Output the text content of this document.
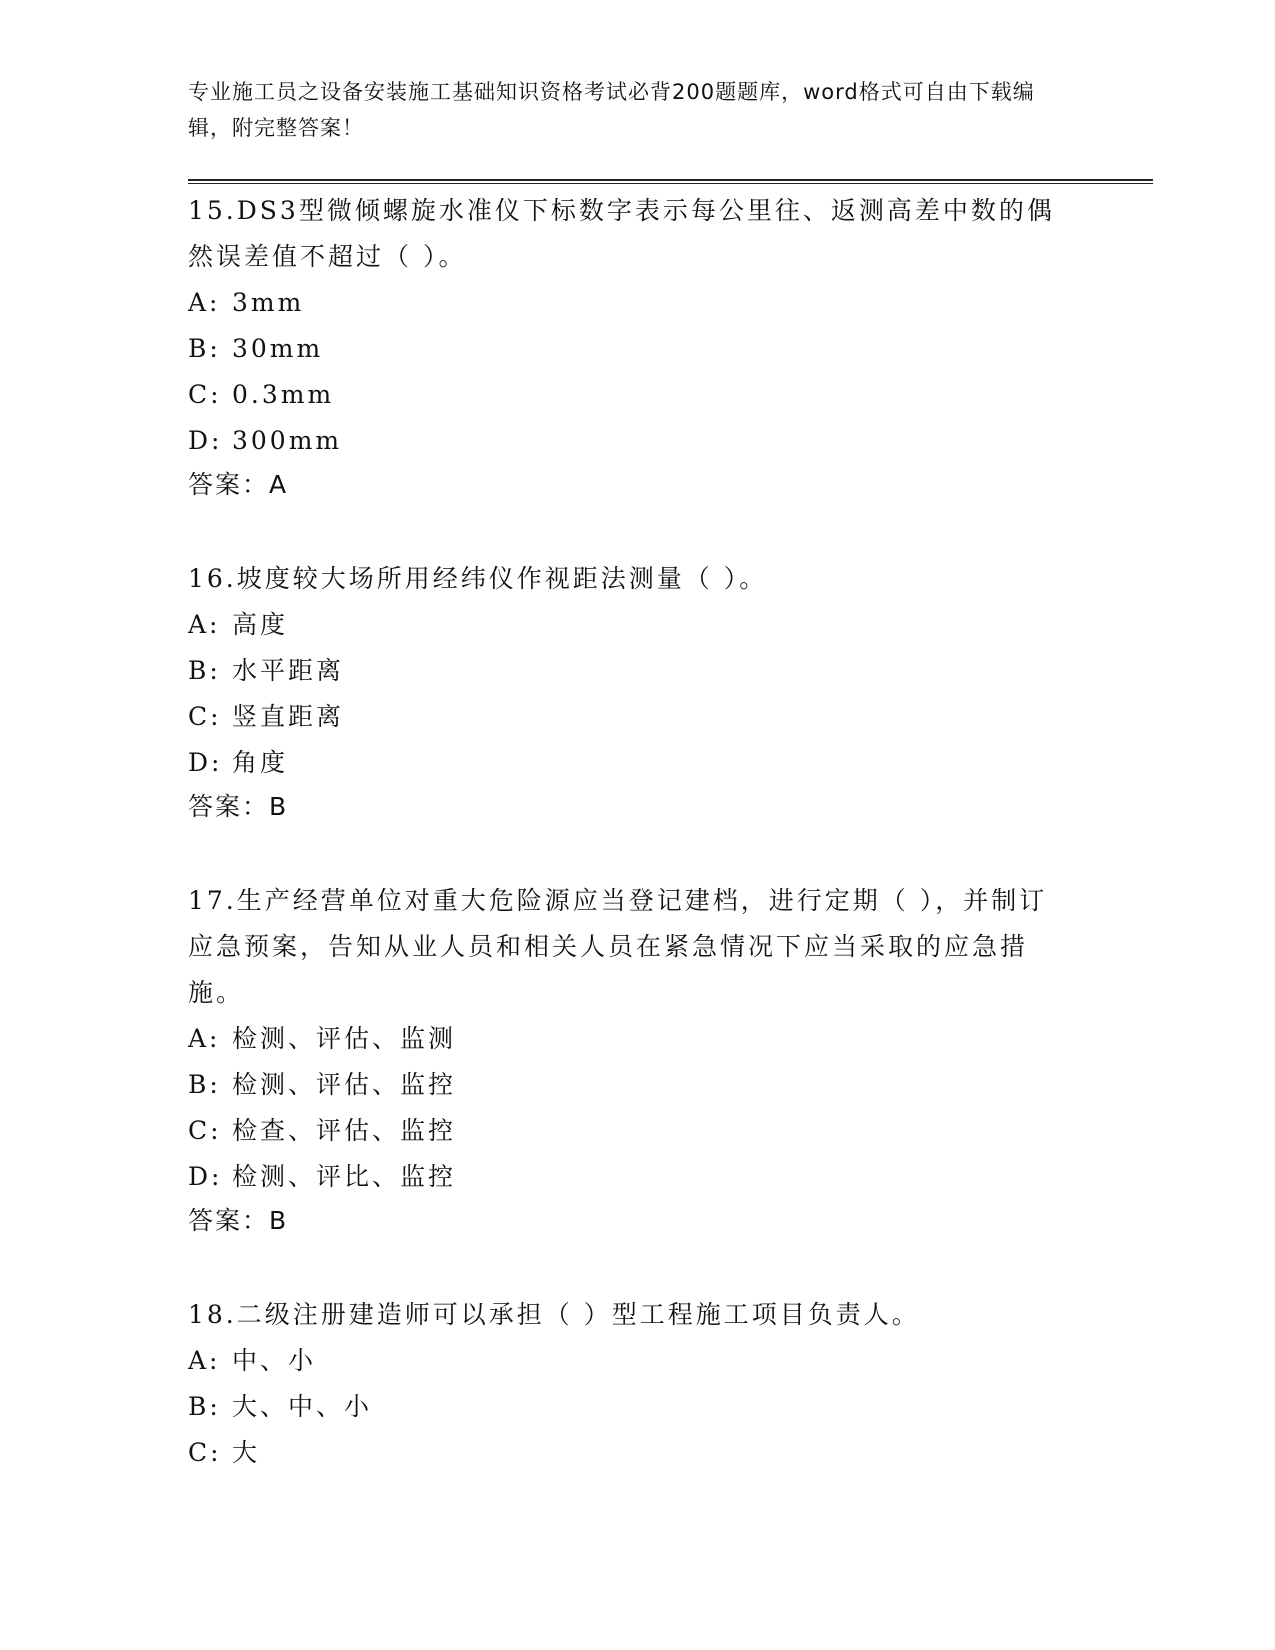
专业施工员之设备安装施工基础知识资格考试必背200题题库，word格式可自由下载编辑，附完整答案！
15.DS3型微倾螺旋水准仪下标数字表示每公里往、返测高差中数的偶然误差值不超过（ ）。
A: 3mm
B: 30mm
C: 0.3mm
D: 300mm
答案：A
16.坡度较大场所用经纬仪作视距法测量（ ）。
A: 高度
B: 水平距离
C: 竖直距离
D: 角度
答案：B
17.生产经营单位对重大危险源应当登记建档，进行定期（ ），并制订应急预案，告知从业人员和相关人员在紧急情况下应当采取的应急措施。
A: 检测、评估、监测
B: 检测、评估、监控
C: 检查、评估、监控
D: 检测、评比、监控
答案：B
18.二级注册建造师可以承担（ ）型工程施工项目负责人。
A: 中、小
B: 大、中、小
C: 大
